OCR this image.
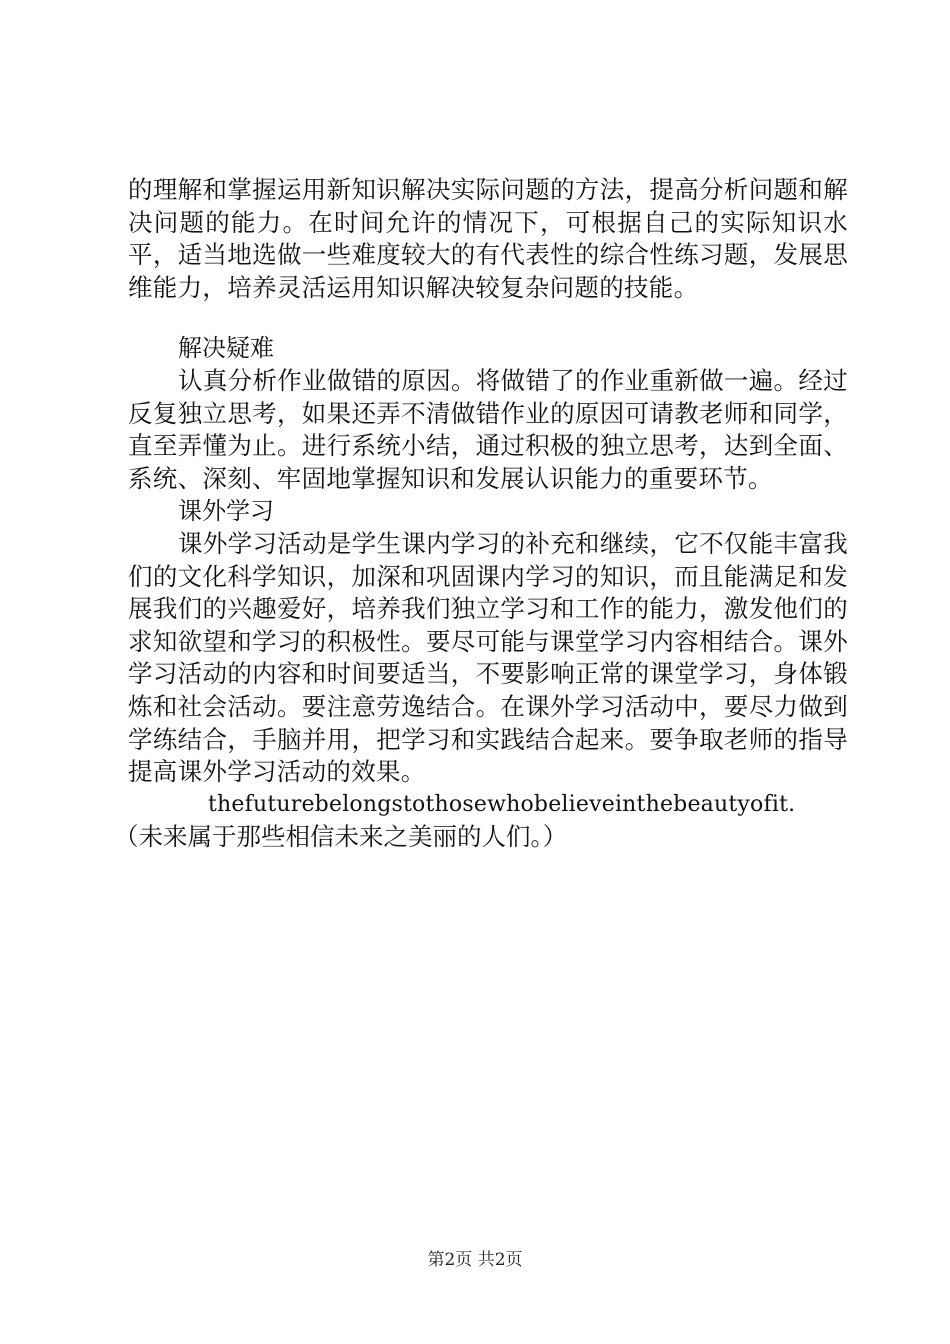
的理解和掌握运用新知识解决实际问题的方法，提高分析问题和解决问题的能力。在时间允许的情况下，可根据自己的实际知识水平，适当地选做一些难度较大的有代表性的综合性练习题，发展思维能力，培养灵活运用知识解决较复杂问题的技能。

解决疑难

认真分析作业做错的原因。将做错了的作业重新做一遍。经过反复独立思考，如果还弄不清做错作业的原因可请教老师和同学，直至弄懂为止。进行系统小结，通过积极的独立思考，达到全面、系统、深刻、牢固地掌握知识和发展认识能力的重要环节。

课外学习

课外学习活动是学生课内学习的补充和继续，它不仅能丰富我们的文化科学知识，加深和巩固课内学习的知识，而且能满足和发展我们的兴趣爱好，培养我们独立学习和工作的能力，激发他们的求知欲望和学习的积极性。要尽可能与课堂学习内容相结合。课外学习活动的内容和时间要适当，不要影响正常的课堂学习，身体锻炼和社会活动。要注意劳逸结合。在课外学习活动中，要尽力做到学练结合，手脑并用，把学习和实践结合起来。要争取老师的指导提高课外学习活动的效果。

thefuturebelongstothosewhobelieveinthebeautyofit.

（未来属于那些相信未来之美丽的人们。）

第2页 共2页
